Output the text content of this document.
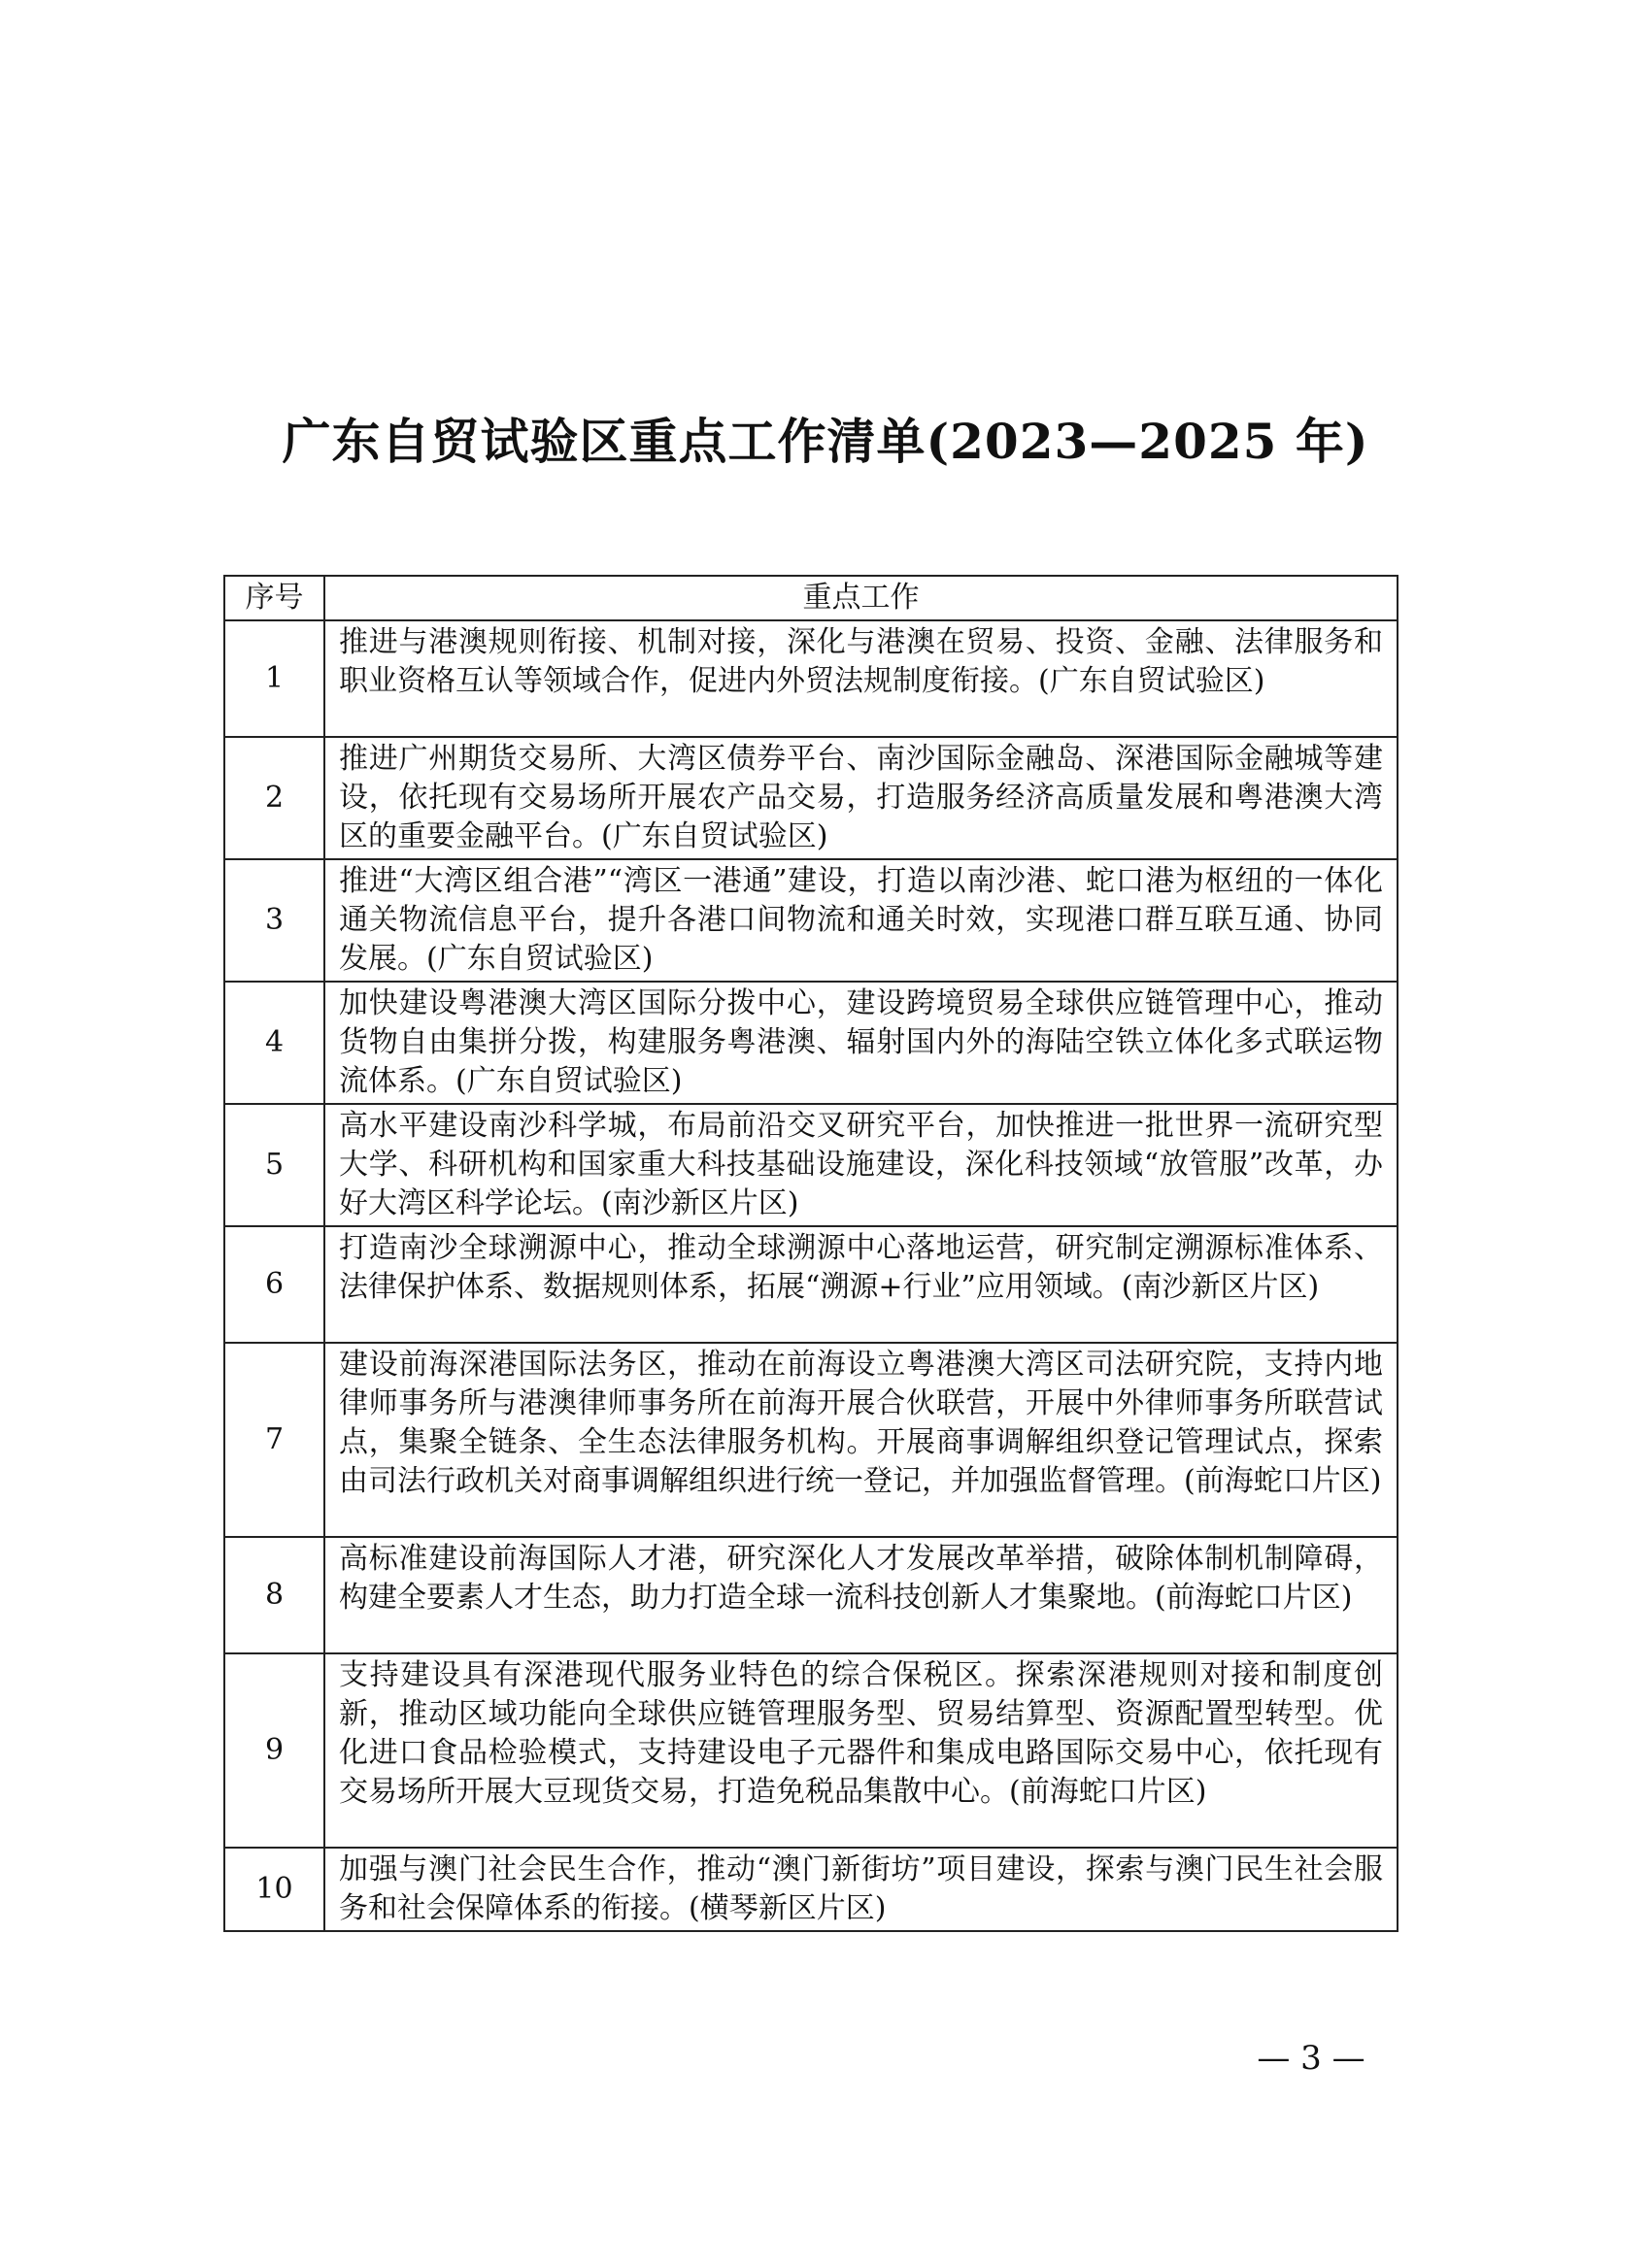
广东自贸试验区重点工作清单(2023—2025 年)
序号	重点工作
1	推进与港澳规则衔接、机制对接，深化与港澳在贸易、投资、金融、法律服务和职业资格互认等领域合作，促进内外贸法规制度衔接。(广东自贸试验区)
2	推进广州期货交易所、大湾区债券平台、南沙国际金融岛、深港国际金融城等建设，依托现有交易场所开展农产品交易，打造服务经济高质量发展和粤港澳大湾区的重要金融平台。(广东自贸试验区)
3	推进“大湾区组合港”“湾区一港通”建设，打造以南沙港、蛇口港为枢纽的一体化通关物流信息平台，提升各港口间物流和通关时效，实现港口群互联互通、协同发展。(广东自贸试验区)
4	加快建设粤港澳大湾区国际分拨中心，建设跨境贸易全球供应链管理中心，推动货物自由集拼分拨，构建服务粤港澳、辐射国内外的海陆空铁立体化多式联运物流体系。(广东自贸试验区)
5	高水平建设南沙科学城，布局前沿交叉研究平台，加快推进一批世界一流研究型大学、科研机构和国家重大科技基础设施建设，深化科技领域“放管服”改革，办好大湾区科学论坛。(南沙新区片区)
6	打造南沙全球溯源中心，推动全球溯源中心落地运营，研究制定溯源标准体系、法律保护体系、数据规则体系，拓展“溯源+行业”应用领域。(南沙新区片区)
7	建设前海深港国际法务区，推动在前海设立粤港澳大湾区司法研究院，支持内地律师事务所与港澳律师事务所在前海开展合伙联营，开展中外律师事务所联营试点，集聚全链条、全生态法律服务机构。开展商事调解组织登记管理试点，探索由司法行政机关对商事调解组织进行统一登记，并加强监督管理。(前海蛇口片区)
8	高标准建设前海国际人才港，研究深化人才发展改革举措，破除体制机制障碍，构建全要素人才生态，助力打造全球一流科技创新人才集聚地。(前海蛇口片区)
9	支持建设具有深港现代服务业特色的综合保税区。探索深港规则对接和制度创新，推动区域功能向全球供应链管理服务型、贸易结算型、资源配置型转型。优化进口食品检验模式，支持建设电子元器件和集成电路国际交易中心，依托现有交易场所开展大豆现货交易，打造免税品集散中心。(前海蛇口片区)
10	加强与澳门社会民生合作，推动“澳门新街坊”项目建设，探索与澳门民生社会服务和社会保障体系的衔接。(横琴新区片区)
— 3 —
